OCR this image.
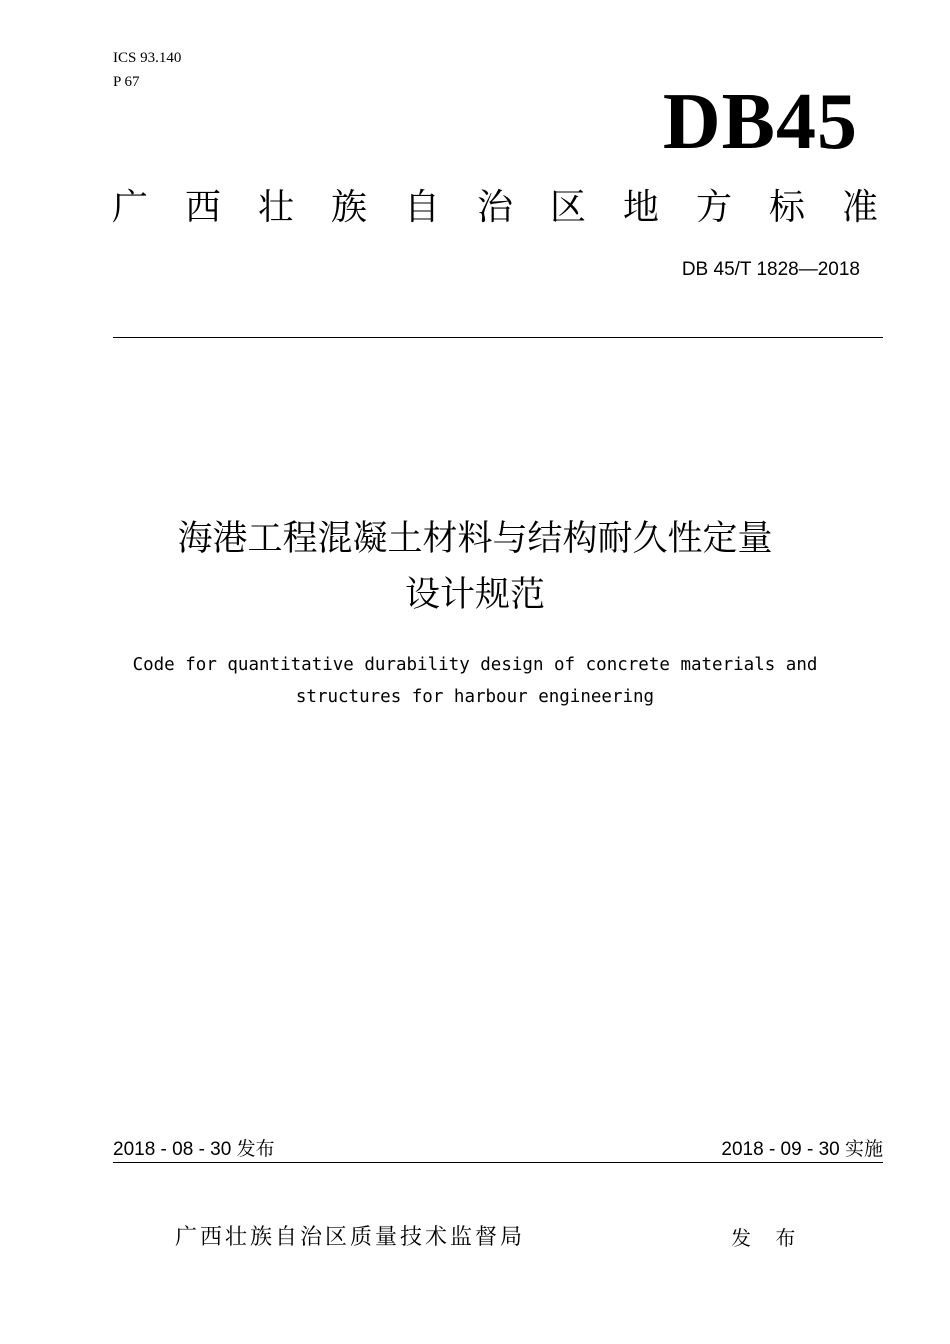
ICS 93.140
P 67	DB45
广西壮族自治区地方标准
DB 45/T 1828—2018
海港工程混凝土材料与结构耐久性定量
设计规范
Code for quantitative durability design of concrete materials and
structures for harbour engineering
2018 - 08 - 30 发布	2018 - 09 - 30 实施
广西壮族自治区质量技术监督局	发 布
